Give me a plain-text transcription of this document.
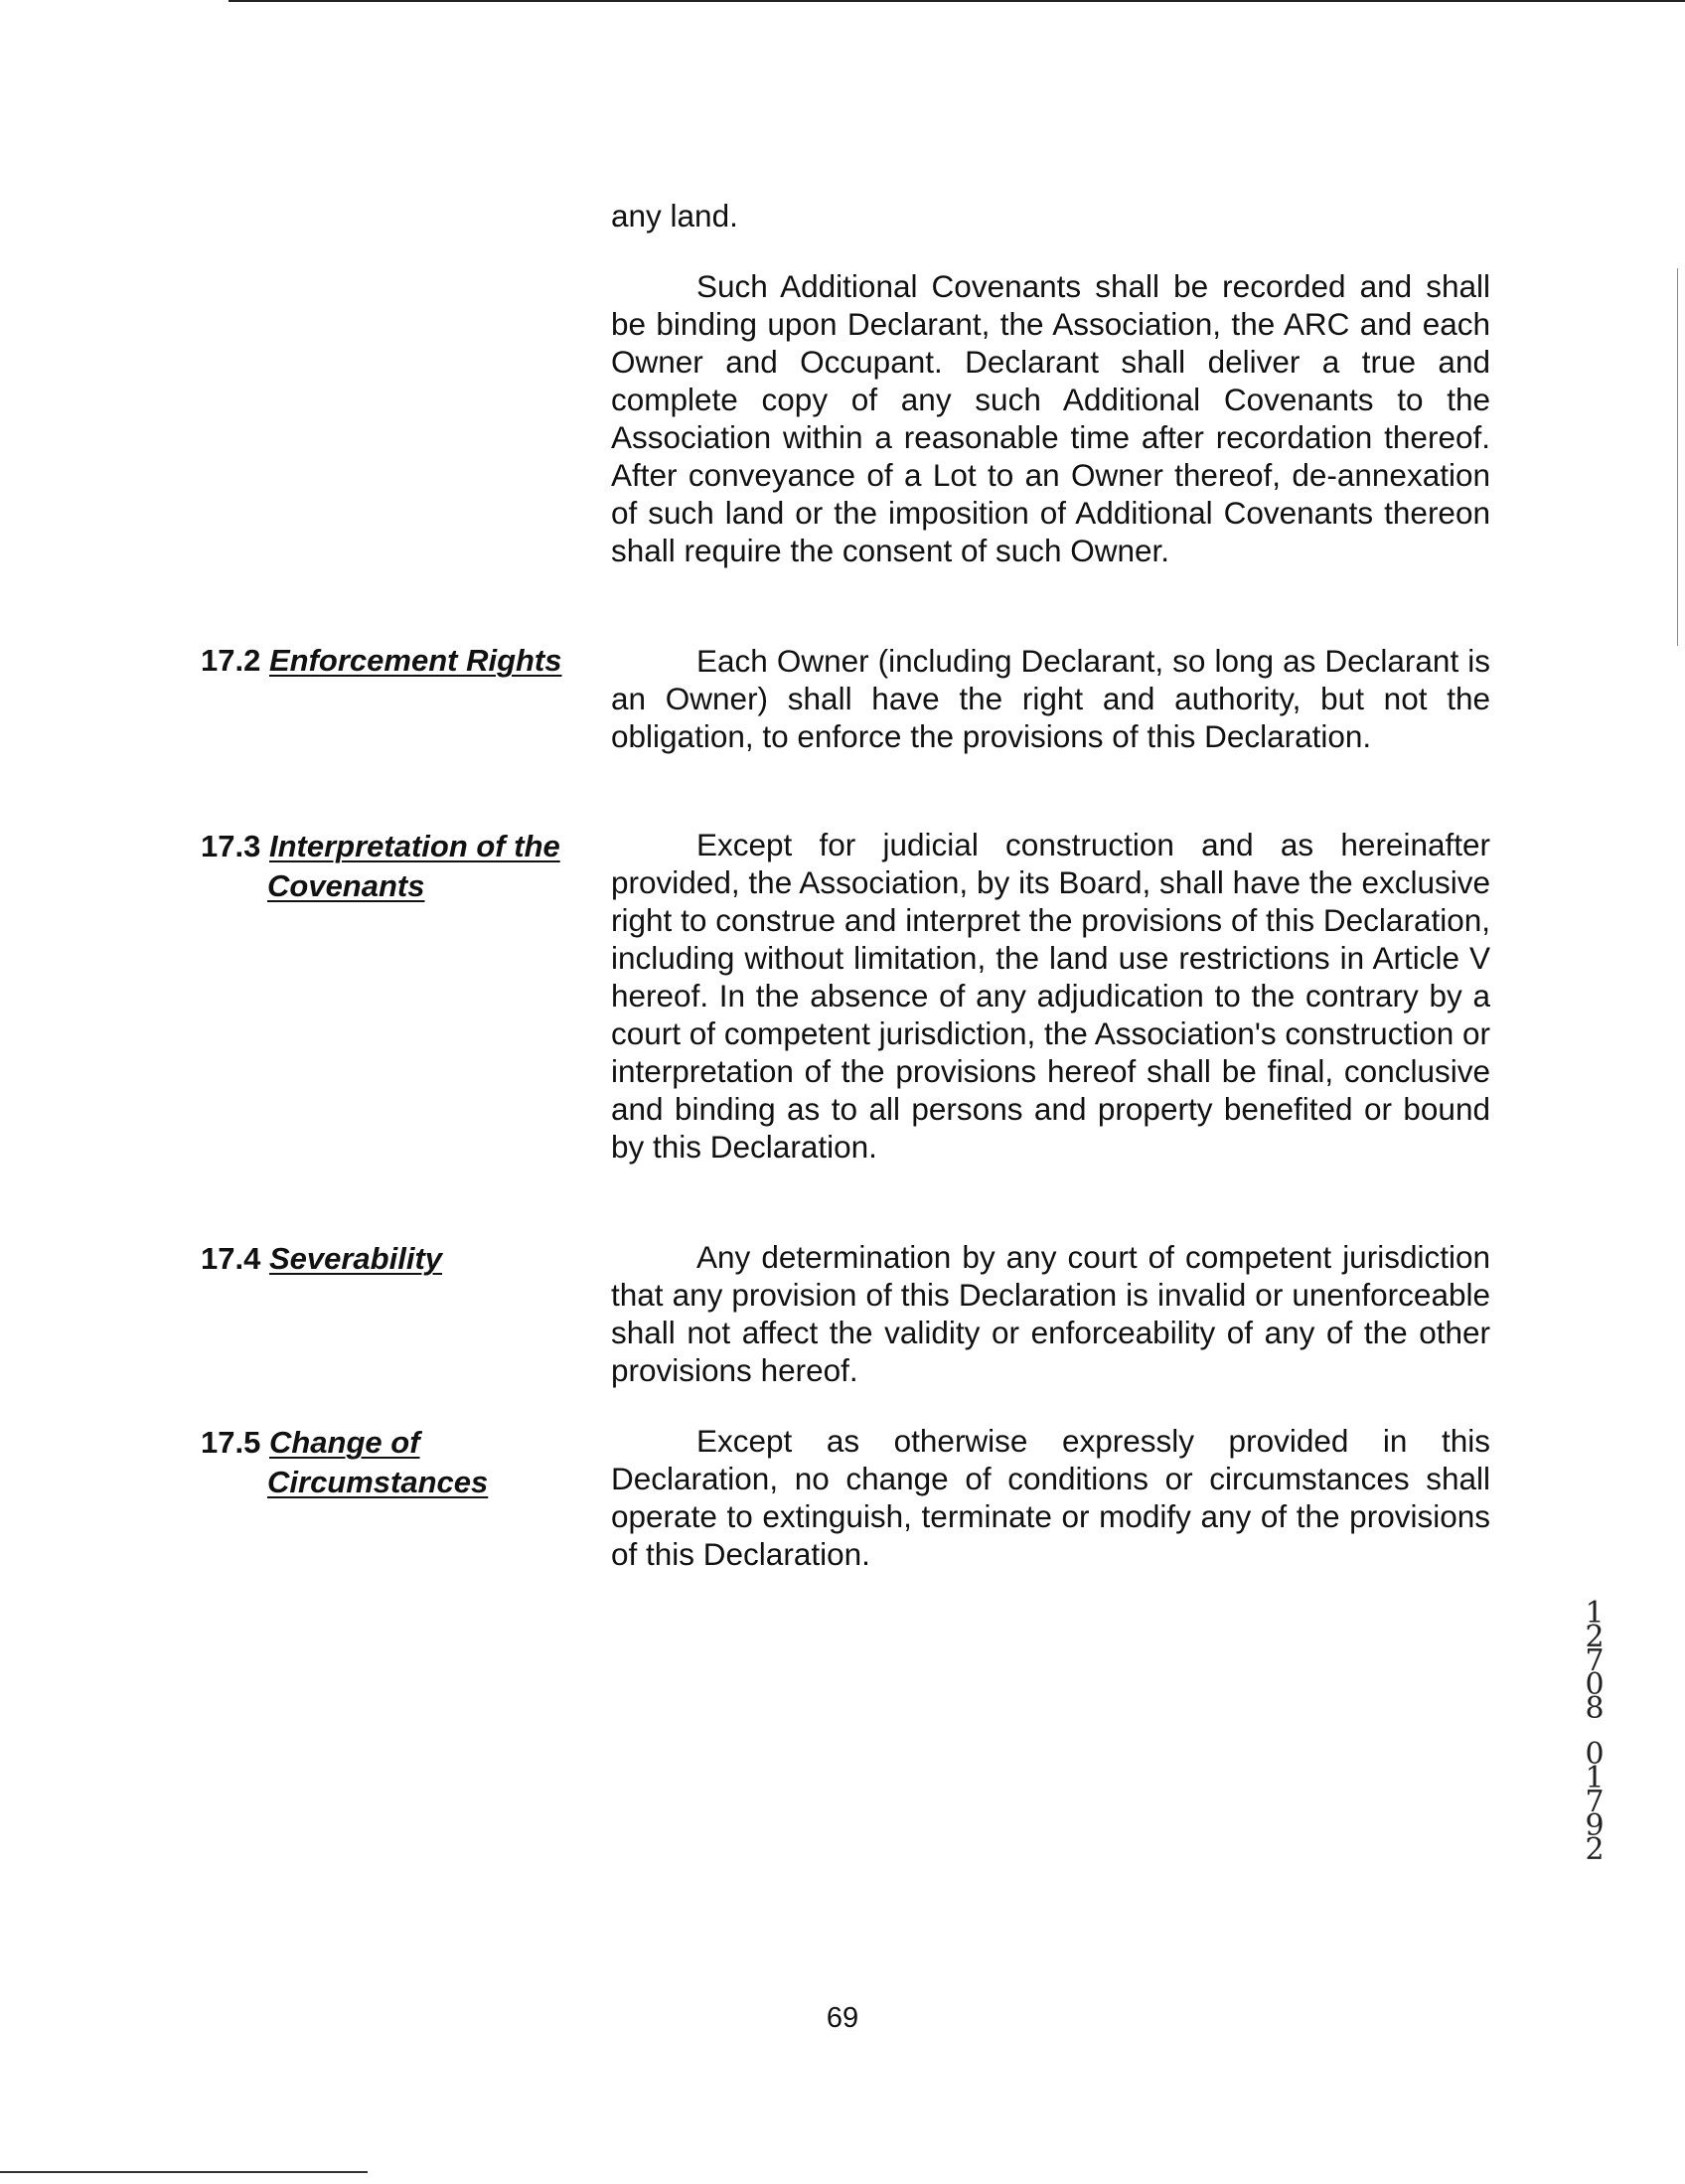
any land.

Such Additional Covenants shall be recorded and shall be binding upon Declarant, the Association, the ARC and each Owner and Occupant. Declarant shall deliver a true and complete copy of any such Additional Covenants to the Association within a reasonable time after recordation thereof. After conveyance of a Lot to an Owner thereof, de-annexation of such land or the imposition of Additional Covenants thereon shall require the consent of such Owner.

17.2 Enforcement Rights	Each Owner (including Declarant, so long as Declarant is an Owner) shall have the right and authority, but not the obligation, to enforce the provisions of this Declaration.

17.3 Interpretation of the
Covenants

Except for judicial construction and as hereinafter provided, the Association, by its Board, shall have the exclusive right to construe and interpret the provisions of this Declaration, including without limitation, the land use restrictions in Article V hereof. In the absence of any adjudication to the contrary by a court of competent jurisdiction, the Association's construction or interpretation of the provisions hereof shall be final, conclusive and binding as to all persons and property benefited or bound by this Declaration.

17.4 Severability	Any determination by any court of competent jurisdiction that any provision of this Declaration is invalid or unenforceable shall not affect the validity or enforceability of any of the other provisions hereof.

17.5 Change of
Circumstances

Except as otherwise expressly provided in this Declaration, no change of conditions or circumstances shall operate to extinguish, terminate or modify any of the provisions of this Declaration.

12708
01792

69
